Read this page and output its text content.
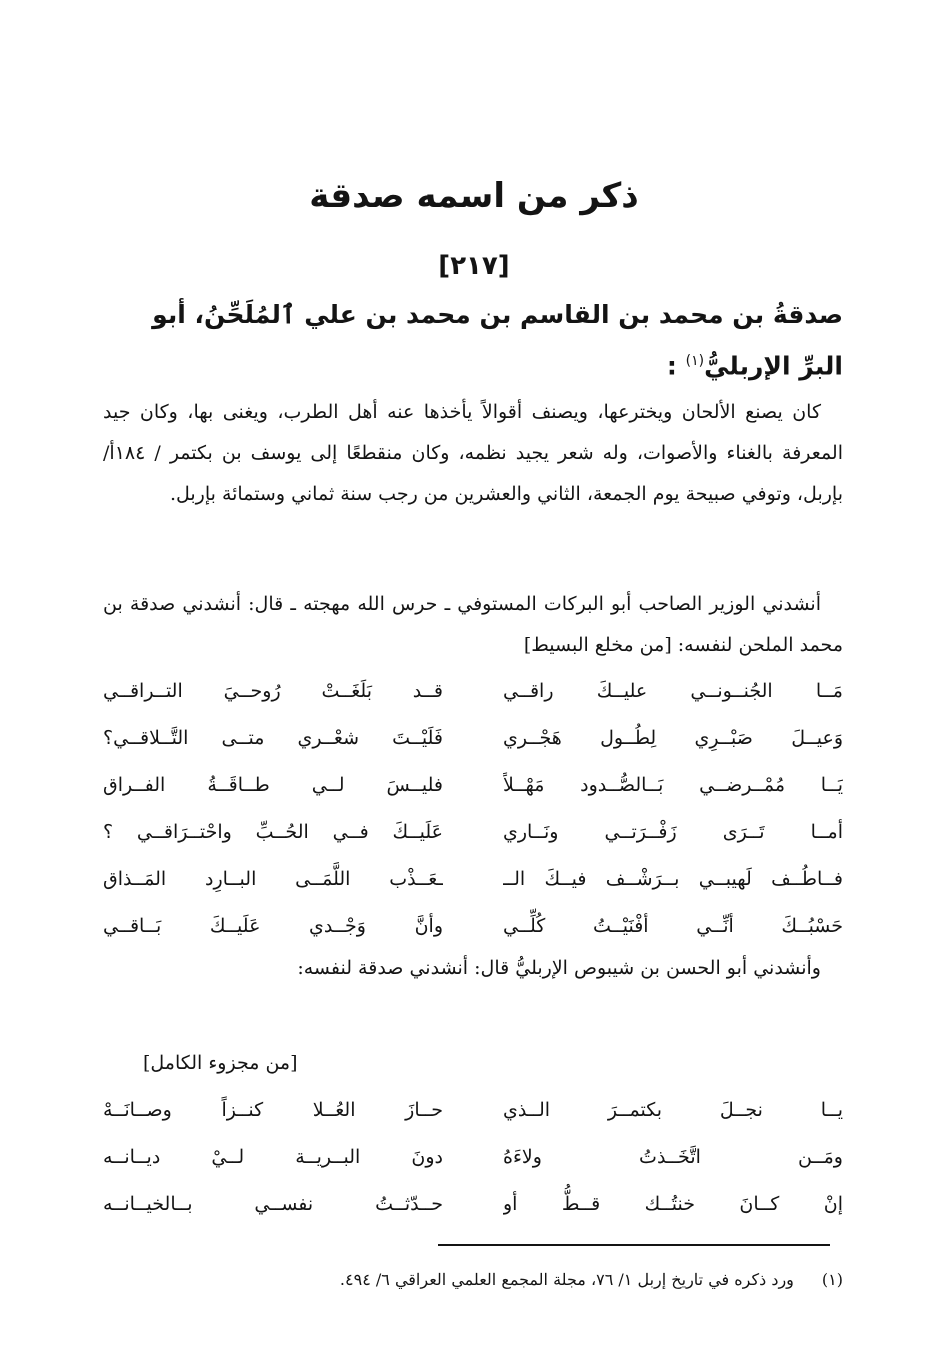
ذكر من اسمه صدقة
[٢١٧]
صدقةُ بن محمد بن القاسم بن محمد بن علي ٱلمُلَحِّنُ، أبو البرِّ الإربليُّ$^{(١)}$ :
كان يصنع الألحان ويخترعها، ويصنف أقوالاً يأخذها عنه أهل الطرب، ويغنى بها، وكان جيد المعرفة بالغناء والأصوات، وله شعر يجيد نظمه، وكان منقطعًا إلى يوسف بن بكتمر / ١٨٤أ/ بإربل، وتوفي صبيحة يوم الجمعة، الثاني والعشرين من رجب سنة ثماني وستمائة بإربل.
أنشدني الوزير الصاحب أبو البركات المستوفي ـ حرس الله مهجته ـ قال: أنشدني صدقة بن محمد الملحن لنفسه: [من مخلع البسيط]
مَــا الجُنــونــي عليــكَ راقــي
قــد بَلَغَــتْ رُوحــيَ التــراقــي
وَعيــلَ صَبْــرِي لِطُــول هَجْــري
فَلَيْــتَ شعْــري متــى التَّــلاقــي؟
يَــا مُمْــرضــي بَــالصُّــدود مَهْــلاً
فليــسَ لــي طــاقَــةُ الفــراق
أمــا تَــرَى زَفْــرَتــي ونَــاري
عَلَيــكَ فــي الحُــبِّ واحْتــرَاقــي ؟
فــاطُــف لَهيبــي بــرَشْــف فيــكَ الــ
ـعَــذْب اللَّمَــى البــارِد المَــذاق
حَسْبُــكَ أنِّــي أفْنَيْــتُ كُلِّــي
وأنَّ وَجْــدي عَلَيــكَ بَــاقــي
وأنشدني أبو الحسن بن شيبوص الإربليُّ قال: أنشدني صدقة لنفسه:
[من مجزوء الكامل]
يــا نجــلَ بكتمــرَ الــذي
حــازَ العُــلا كنــزاً وصــانَــهْ
ومَــن اتَّخَــذتُ ولاءَهُ
دونَ البــريــة لــيْ ديــانــه
إنْ كــانَ خنتُــك قــطُّ أو
حــدّثــتُ نفســي بــالخيــانــه
(١)ورد ذكره في تاريخ إربل ١/ ٧٦، مجلة المجمع العلمي العراقي ٦/ ٤٩٤.
